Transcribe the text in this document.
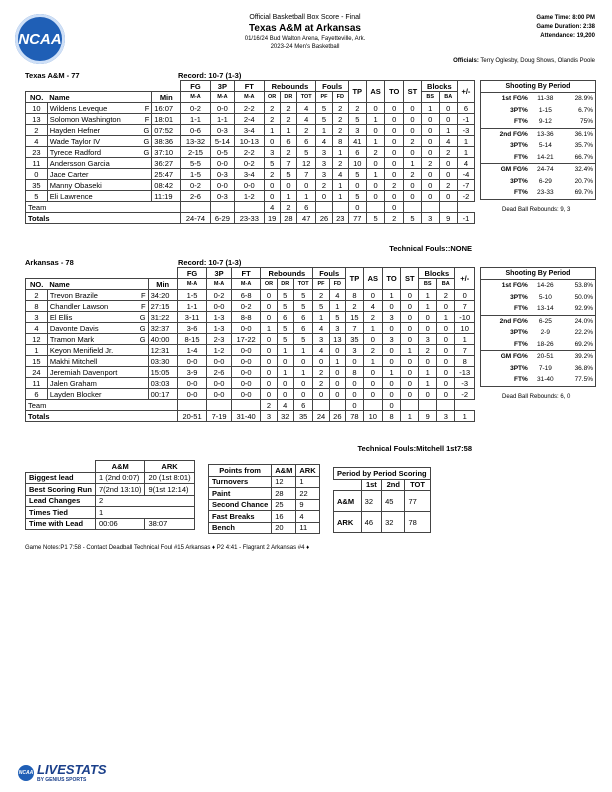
NCAA
Official Basketball Box Score - Final
Texas A&M at Arkansas
01/16/24 Bud Walton Arena, Fayetteville, Ark.
2023-24 Men's Basketball
Game Time: 8:00 PM
Game Duration: 2:38
Attendance: 19,200
Officials: Terry Oglesby, Doug Shows, Olandis Poole
Texas A&M - 77	Record: 10-7 (1-3)
				FG	3P	FT	Rebounds			Fouls		TP	AS	TO	ST	Blocks		+/-
NO.	Name		Min	M-A	M-A	M-A	OR	DR	TOT	PF	FD					BS	BA	
10	Wildens Leveque	F	16:07	0-2	0-0	2-2	2	2	4	5	2	2	0	0	0	1	0	6
13	Solomon Washington	F	18:01	1-1	1-1	2-4	2	2	4	5	2	5	1	0	0	0	0	-1
2	Hayden Hefner	G	07:52	0-6	0-3	3-4	1	1	2	1	2	3	0	0	0	0	1	-3
4	Wade Taylor IV	G	38:36	13-32	5-14	10-13	0	6	6	4	8	41	1	0	2	0	4	1
23	Tyrece Radford	G	37:10	2-15	0-5	2-2	3	2	5	3	1	6	2	0	0	0	2	1
11	Andersson Garcia		36:27	5-5	0-0	0-2	5	7	12	3	2	10	0	0	1	2	0	4
0	Jace Carter		25:47	1-5	0-3	3-4	2	5	7	3	4	5	1	0	2	0	0	-4
35	Manny Obaseki		08:42	0-2	0-0	0-0	0	0	0	2	1	0	0	2	0	0	2	-7
5	Eli Lawrence		11:19	2-6	0-3	1-2	0	1	1	0	1	5	0	0	0	0	0	-2
Team							4	2	6			0		0				
Totals				24-74	6-29	23-33	19	28	47	26	23	77	5	2	5	3	9	-1
Technical Fouls::NONE
Shooting By Period		
1st FG%	11-38	28.9%
3PT%	1-15	6.7%
FT%	9-12	75%
2nd FG%	13-36	36.1%
3PT%	5-14	35.7%
FT%	14-21	66.7%
GM FG%	24-74	32.4%
3PT%	6-29	20.7%
FT%	23-33	69.7%
Dead Ball Rebounds: 9, 3
Arkansas - 78	Record: 10-7 (1-3)
				FG	3P	FT	Rebounds			Fouls		TP	AS	TO	ST	Blocks		+/-
NO.	Name		Min	M-A	M-A	M-A	OR	DR	TOT	PF	FD					BS	BA	
2	Trevon Brazile	F	34:20	1-5	0-2	6-8	0	5	5	2	4	8	0	1	0	1	2	0
8	Chandler Lawson	F	27:15	1-1	0-0	0-2	0	5	5	5	1	2	4	0	0	1	0	7
3	El Ellis	G	31:22	3-11	1-3	8-8	0	6	6	1	5	15	2	3	0	0	1	-10
4	Davonte Davis	G	32:37	3-6	1-3	0-0	1	5	6	4	3	7	1	0	0	0	0	10
12	Tramon Mark	G	40:00	8-15	2-3	17-22	0	5	5	3	13	35	0	3	0	3	0	1
1	Keyon Menifield Jr.		12:31	1-4	1-2	0-0	0	1	1	4	0	3	2	0	1	2	0	7
15	Makhi Mitchell		03:30	0-0	0-0	0-0	0	0	0	0	1	0	1	0	0	0	0	8
24	Jeremiah Davenport		15:05	3-9	2-6	0-0	0	1	1	2	0	8	0	1	0	1	0	-13
11	Jalen Graham		03:03	0-0	0-0	0-0	0	0	0	2	0	0	0	0	0	1	0	-3
6	Layden Blocker		00:17	0-0	0-0	0-0	0	0	0	0	0	0	0	0	0	0	0	-2
Team							2	4	6			0		0				
Totals				20-51	7-19	31-40	3	32	35	24	26	78	10	8	1	9	3	1
Technical Fouls:Mitchell 1st7:58
Shooting By Period		
1st FG%	14-26	53.8%
3PT%	5-10	50.0%
FT%	13-14	92.9%
2nd FG%	6-25	24.0%
3PT%	2-9	22.2%
FT%	18-26	69.2%
GM FG%	20-51	39.2%
3PT%	7-19	36.8%
FT%	31-40	77.5%
Dead Ball Rebounds: 6, 0
	A&M	ARK
Biggest lead	1 (2nd 0:07)	20 (1st 8:01)
Best Scoring Run	7(2nd 13:10)	9(1st 12:14)
Lead Changes	2	
Times Tied	1	
Time with Lead	00:06	38:07
Points from	A&M	ARK
Turnovers	12	1
Paint	28	22
Second Chance	25	9
Fast Breaks	16	4
Bench	20	11
Period by Period Scoring			
	1st	2nd	TOT
A&M	32	45	77
ARK	46	32	78
Game Notes:P1 7:58 - Contact Deadball Technical Foul #15 Arkansas ♦ P2 4:41 - Flagrant 2 Arkansas #4 ♦
NCAA LIVESTATS
BY GENIUS SPORTS
